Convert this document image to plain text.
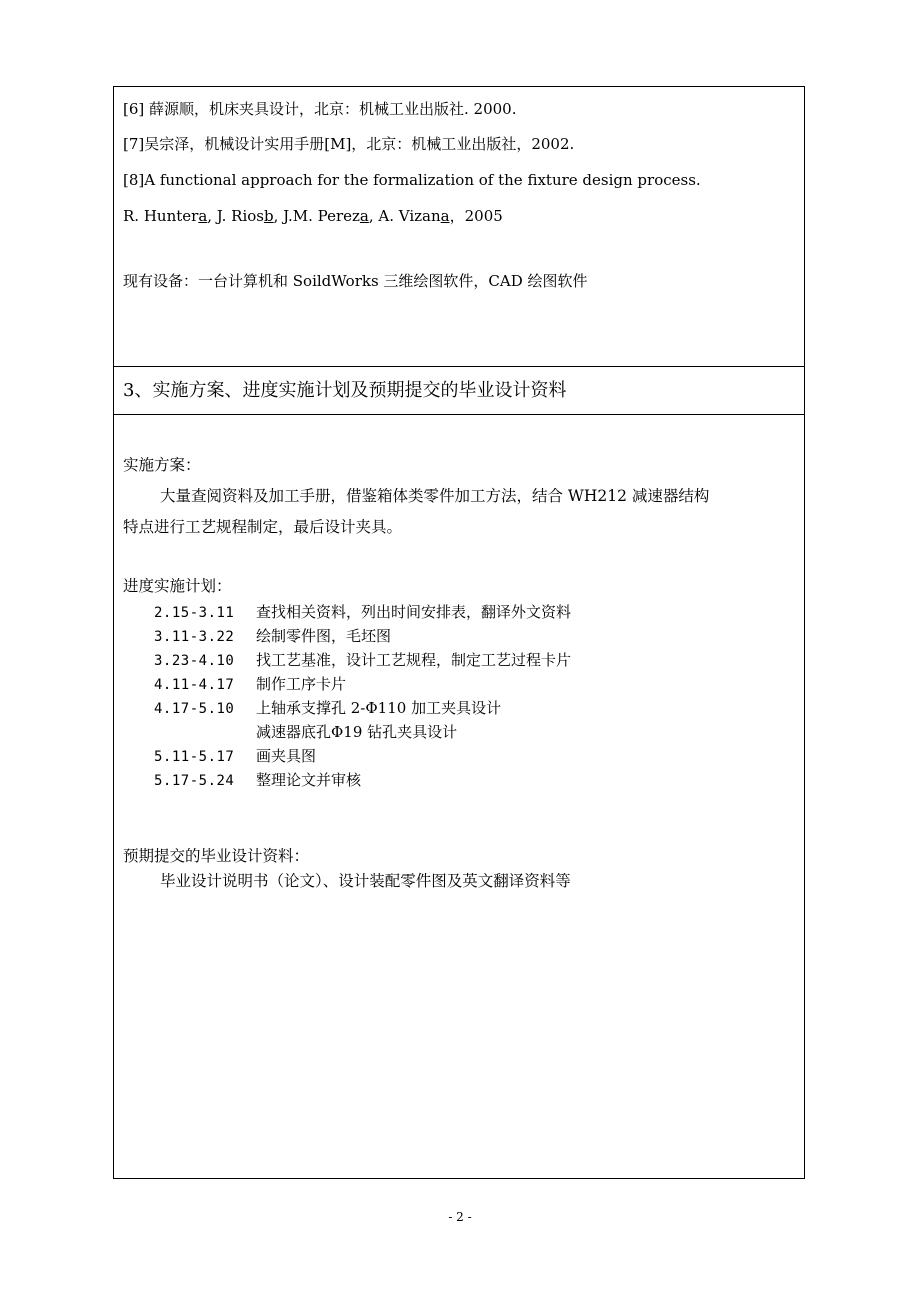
[6] 薛源顺，机床夹具设计，北京：机械工业出版社. 2000.
[7]吴宗泽，机械设计实用手册[M]，北京：机械工业出版社，2002.
[8]A functional approach for the formalization of the fixture design process.
R. Huntera, J. Riosb, J.M. Pereza, A. Vizana，2005
现有设备：一台计算机和 SoildWorks 三维绘图软件，CAD 绘图软件
3、实施方案、进度实施计划及预期提交的毕业设计资料
实施方案：
大量查阅资料及加工手册，借鉴箱体类零件加工方法，结合 WH212 减速器结构
特点进行工艺规程制定，最后设计夹具。
进度实施计划：
2.15-3.11 查找相关资料，列出时间安排表，翻译外文资料
3.11-3.22 绘制零件图，毛坯图
3.23-4.10 找工艺基准，设计工艺规程，制定工艺过程卡片
4.11-4.17 制作工序卡片
4.17-5.10 上轴承支撑孔 2-Φ110 加工夹具设计
减速器底孔Φ19 钻孔夹具设计
5.11-5.17 画夹具图
5.17-5.24 整理论文并审核
预期提交的毕业设计资料：
毕业设计说明书（论文）、设计装配零件图及英文翻译资料等
- 2 -
